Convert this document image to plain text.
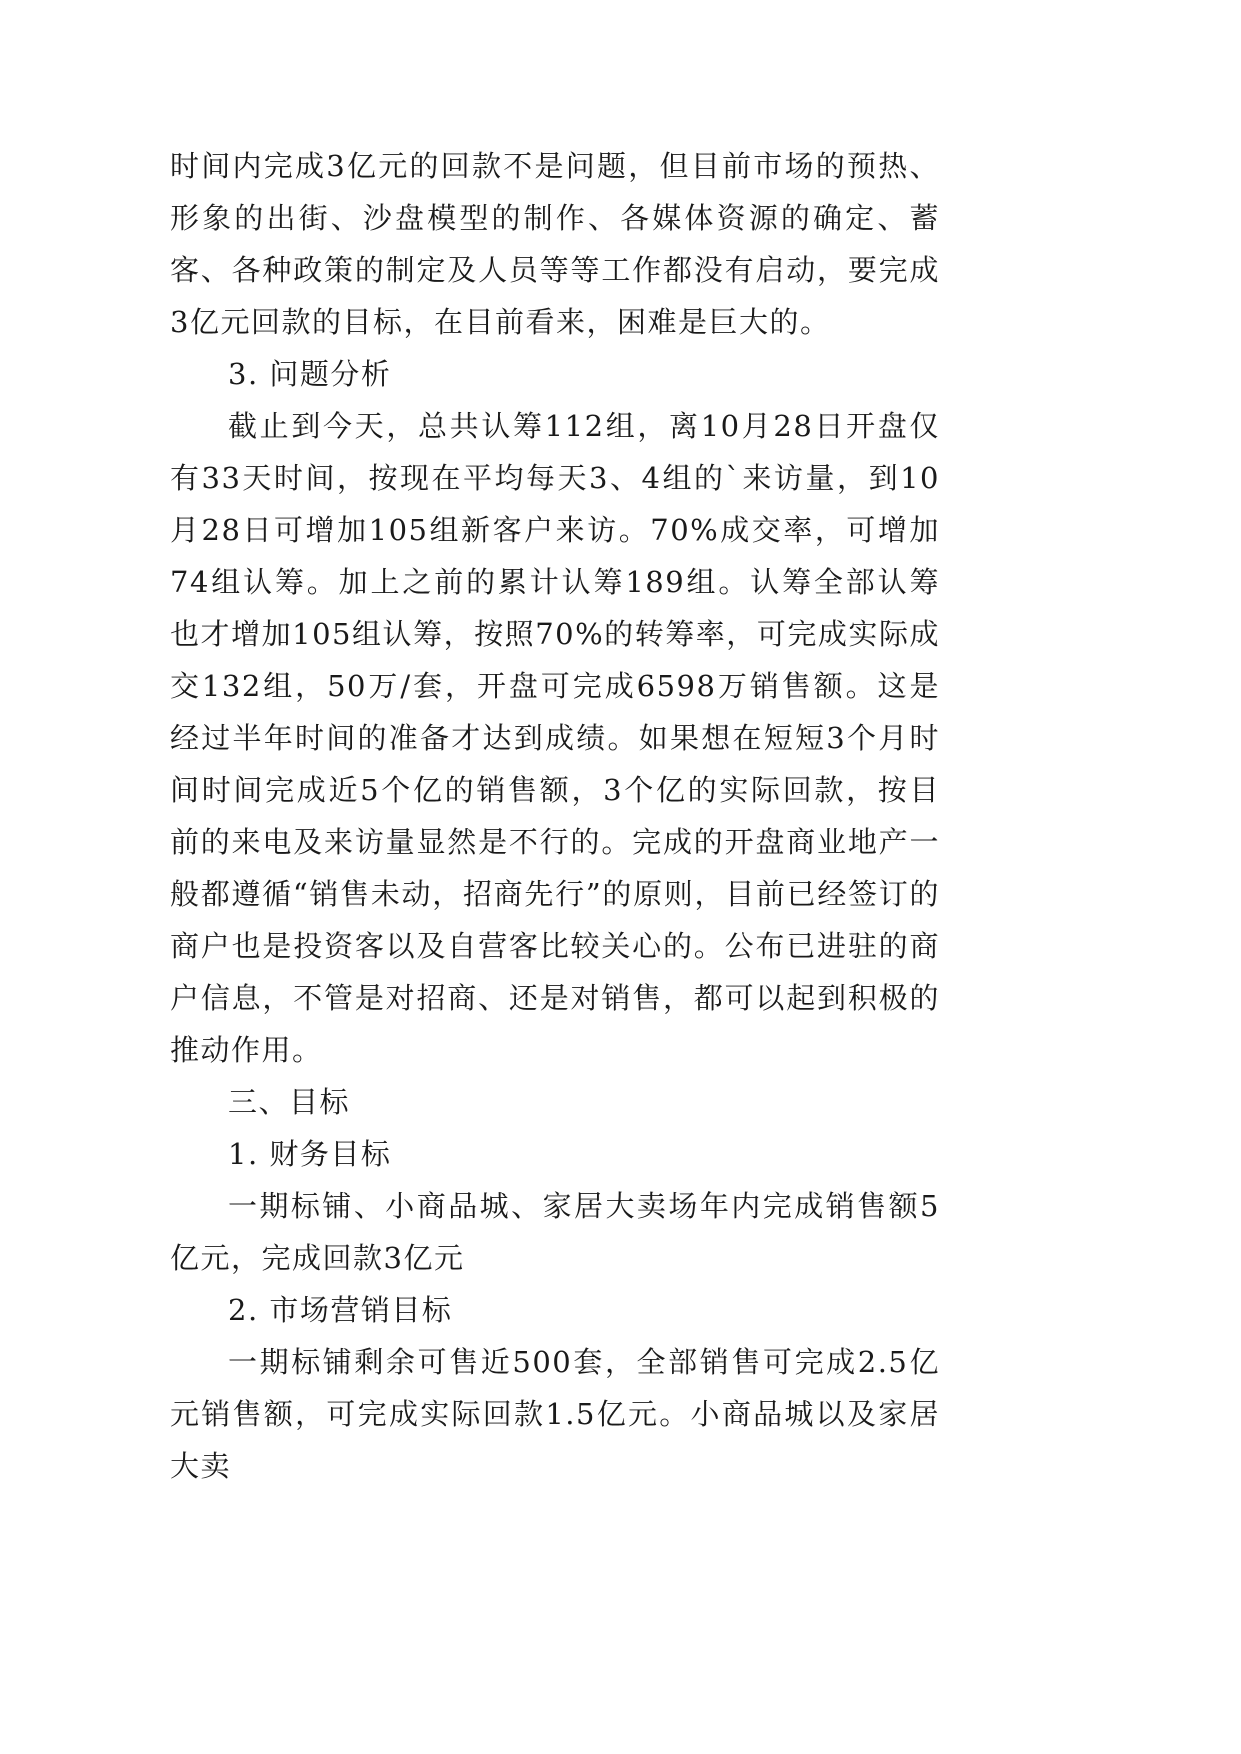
时间内完成3亿元的回款不是问题，但目前市场的预热、形象的出街、沙盘模型的制作、各媒体资源的确定、蓄客、各种政策的制定及人员等等工作都没有启动，要完成3亿元回款的目标，在目前看来，困难是巨大的。

3. 问题分析

截止到今天，总共认筹112组，离10月28日开盘仅有33天时间，按现在平均每天3、4组的`来访量，到10月28日可增加105组新客户来访。70%成交率，可增加74组认筹。加上之前的累计认筹189组。认筹全部认筹也才增加105组认筹，按照70%的转筹率，可完成实际成交132组，50万/套，开盘可完成6598万销售额。这是经过半年时间的准备才达到成绩。如果想在短短3个月时间时间完成近5个亿的销售额，3个亿的实际回款，按目前的来电及来访量显然是不行的。完成的开盘商业地产一般都遵循“销售未动，招商先行”的原则，目前已经签订的商户也是投资客以及自营客比较关心的。公布已进驻的商户信息，不管是对招商、还是对销售，都可以起到积极的推动作用。

三、目标

1. 财务目标

一期标铺、小商品城、家居大卖场年内完成销售额5亿元，完成回款3亿元

2. 市场营销目标

一期标铺剩余可售近500套，全部销售可完成2.5亿元销售额，可完成实际回款1.5亿元。小商品城以及家居大卖
